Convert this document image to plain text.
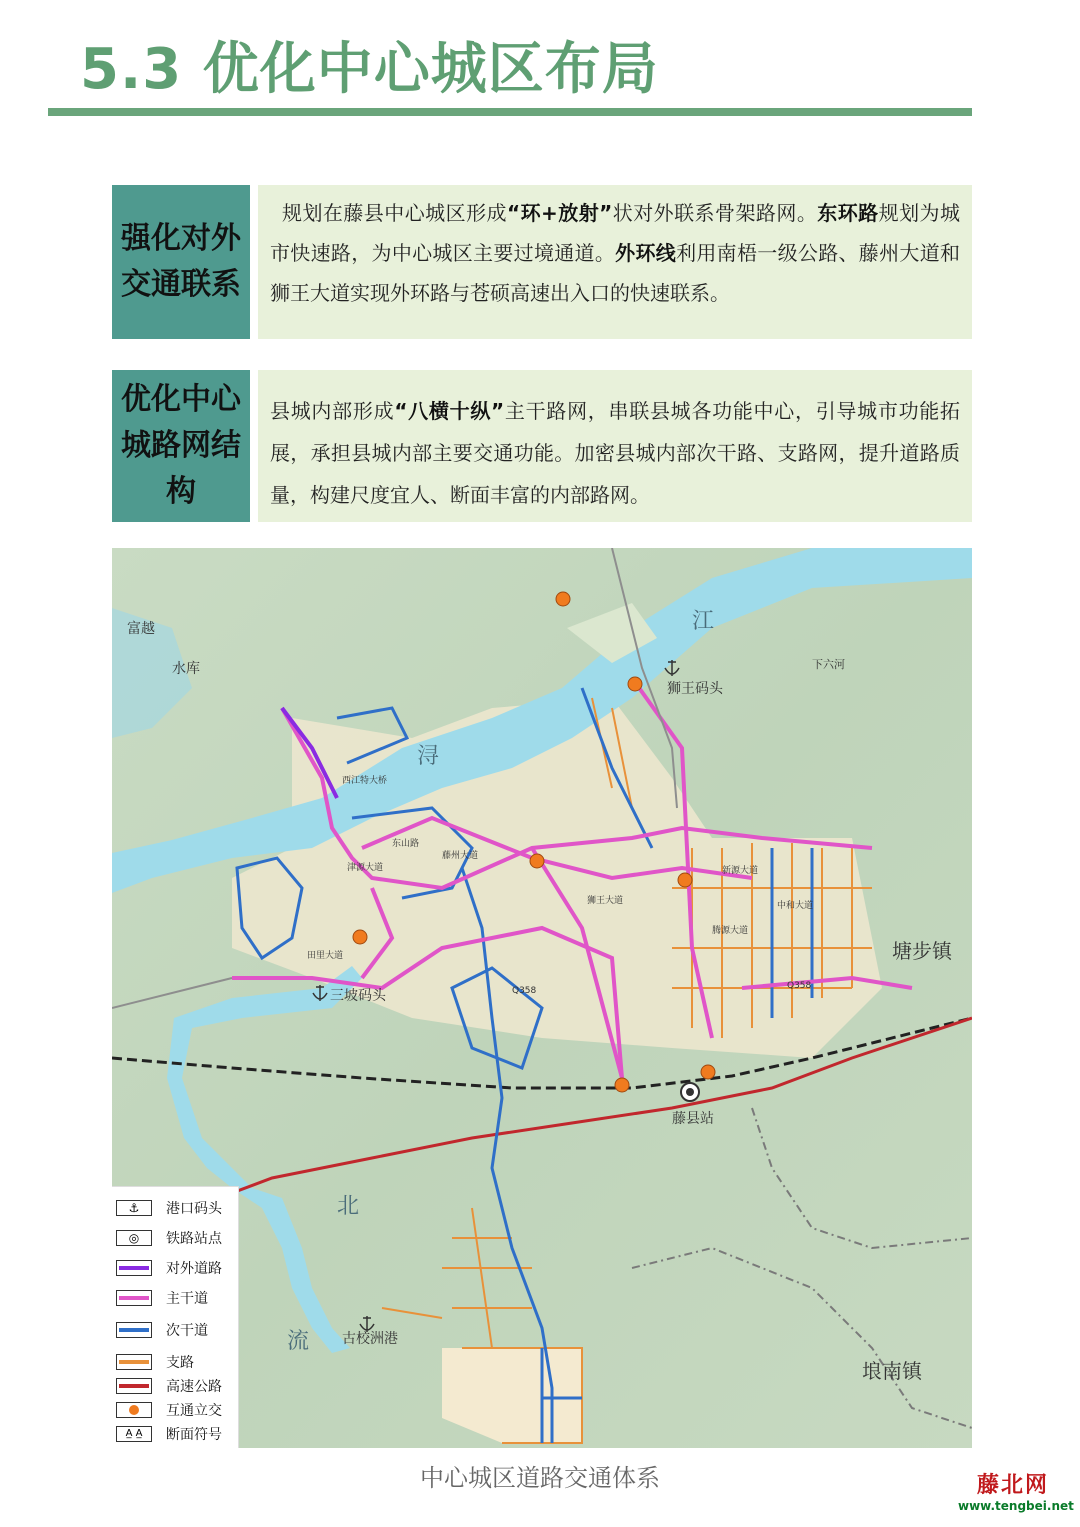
5.3 优化中心城区布局
强化对外
交通联系
规划在藤县中心城区形成“环+放射”状对外联系骨架路网。东环路规划为城市快速路，为中心城区主要过境通道。外环线利用南梧一级公路、藤州大道和狮王大道实现外环路与苍硕高速出入口的快速联系。
优化中心
城路网结
构
县城内部形成“八横十纵”主干路网，串联县城各功能中心，引导城市功能拓展，承担县城内部主要交通功能。加密县城内部次干路、支路网，提升道路质量，构建尺度宜人、断面丰富的内部路网。
富越
水库
江
浔
北
流
塘步镇
埌南镇
下六河
狮王码头
三坡码头
古校洲港
藤县站
Q358
Q358
藤州大道
狮王大道
新源大道
腾源大道
中和大道
西江特大桥
东山路
津源大道
田里大道
⚓	港口码头
◎	铁路站点
对外道路
主干道
次干道
支路
高速公路
互通立交
A̲ A̲	断面符号
中心城区道路交通体系	藤北网
www.tengbei.net
